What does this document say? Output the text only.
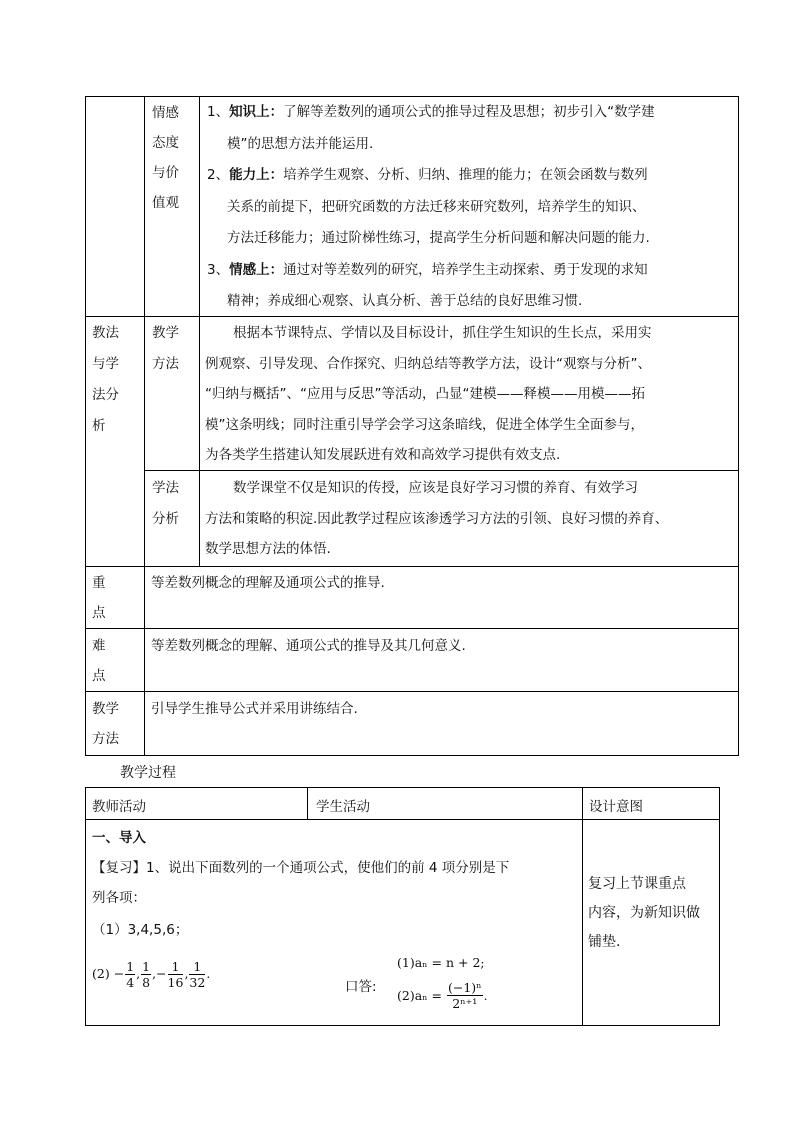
情感
态度
与价
值观
1、知识上：了解等差数列的通项公式的推导过程及思想；初步引入“数学建
模”的思想方法并能运用.
2、能力上：培养学生观察、分析、归纳、推理的能力；在领会函数与数列
关系的前提下，把研究函数的方法迁移来研究数列，培养学生的知识、
方法迁移能力；通过阶梯性练习，提高学生分析问题和解决问题的能力.
3、情感上：通过对等差数列的研究，培养学生主动探索、勇于发现的求知
精神；养成细心观察、认真分析、善于总结的良好思维习惯.
教法
与学
法分
析
教学
方法
根据本节课特点、学情以及目标设计，抓住学生知识的生长点，采用实
例观察、引导发现、合作探究、归纳总结等教学方法，设计“观察与分析”、
“归纳与概括”、“应用与反思”等活动，凸显“建模——释模——用模——拓
模”这条明线；同时注重引导学会学习这条暗线，促进全体学生全面参与，
为各类学生搭建认知发展跃进有效和高效学习提供有效支点.
学法
分析
数学课堂不仅是知识的传授，应该是良好学习习惯的养育、有效学习
方法和策略的积淀.因此教学过程应该渗透学习方法的引领、良好习惯的养育、
数学思想方法的体悟.
重
点
等差数列概念的理解及通项公式的推导.
难
点
等差数列概念的理解、通项公式的推导及其几何意义.
教学
方法
引导学生推导公式并采用讲练结合.
教学过程
教师活动	学生活动	设计意图
一、导入
【复习】1、说出下面数列的一个通项公式，使他们的前 4 项分别是下
列各项：
（1）3,4,5,6；
$(2) - \frac{1}{4}$ , $\frac{1}{8}$ ,− $\frac{1}{16}$ , $\frac{1}{32}$ .
口答:
(1)aₙ = n + 2;
$(2)a_n = \frac{\text{(−1)ⁿ}}{\text{2ⁿ⁺¹}}$ .
复习上节课重点
内容，为新知识做
铺垫.
